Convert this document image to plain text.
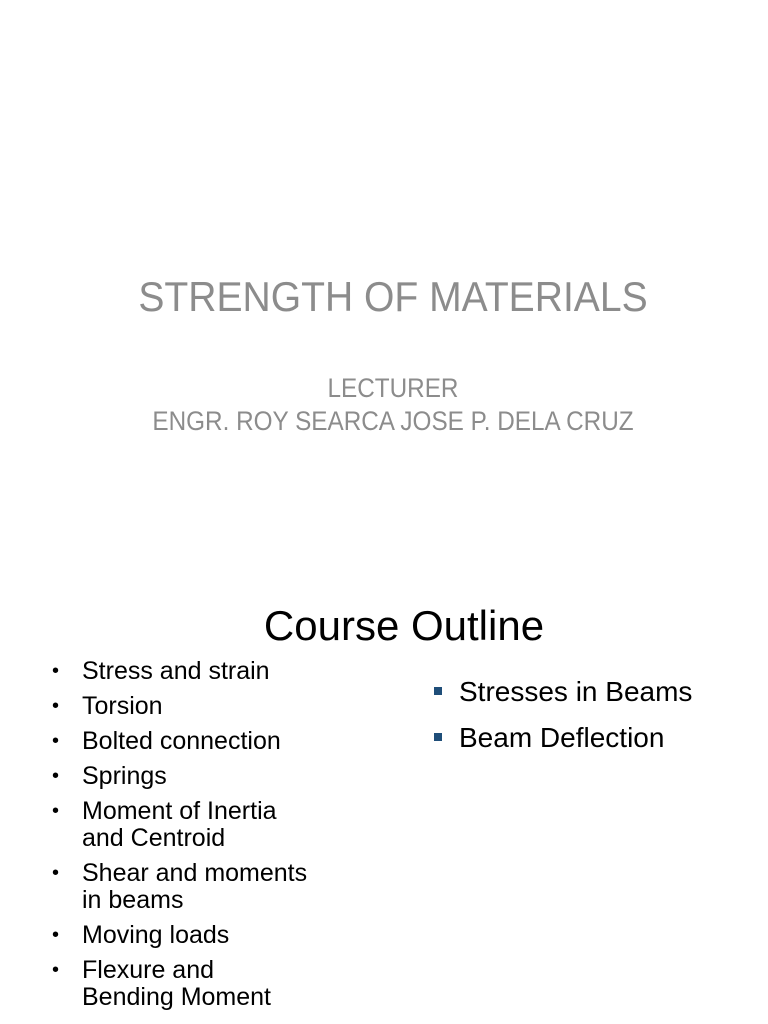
STRENGTH OF MATERIALS
LECTURER
ENGR. ROY SEARCA JOSE P. DELA CRUZ
Course Outline
• Stress and strain
• Torsion
• Bolted connection
• Springs
• Moment of Inertia
and Centroid
• Shear and moments
in beams
• Moving loads
• Flexure and
Bending Moment
Stresses in Beams
Beam Deflection
